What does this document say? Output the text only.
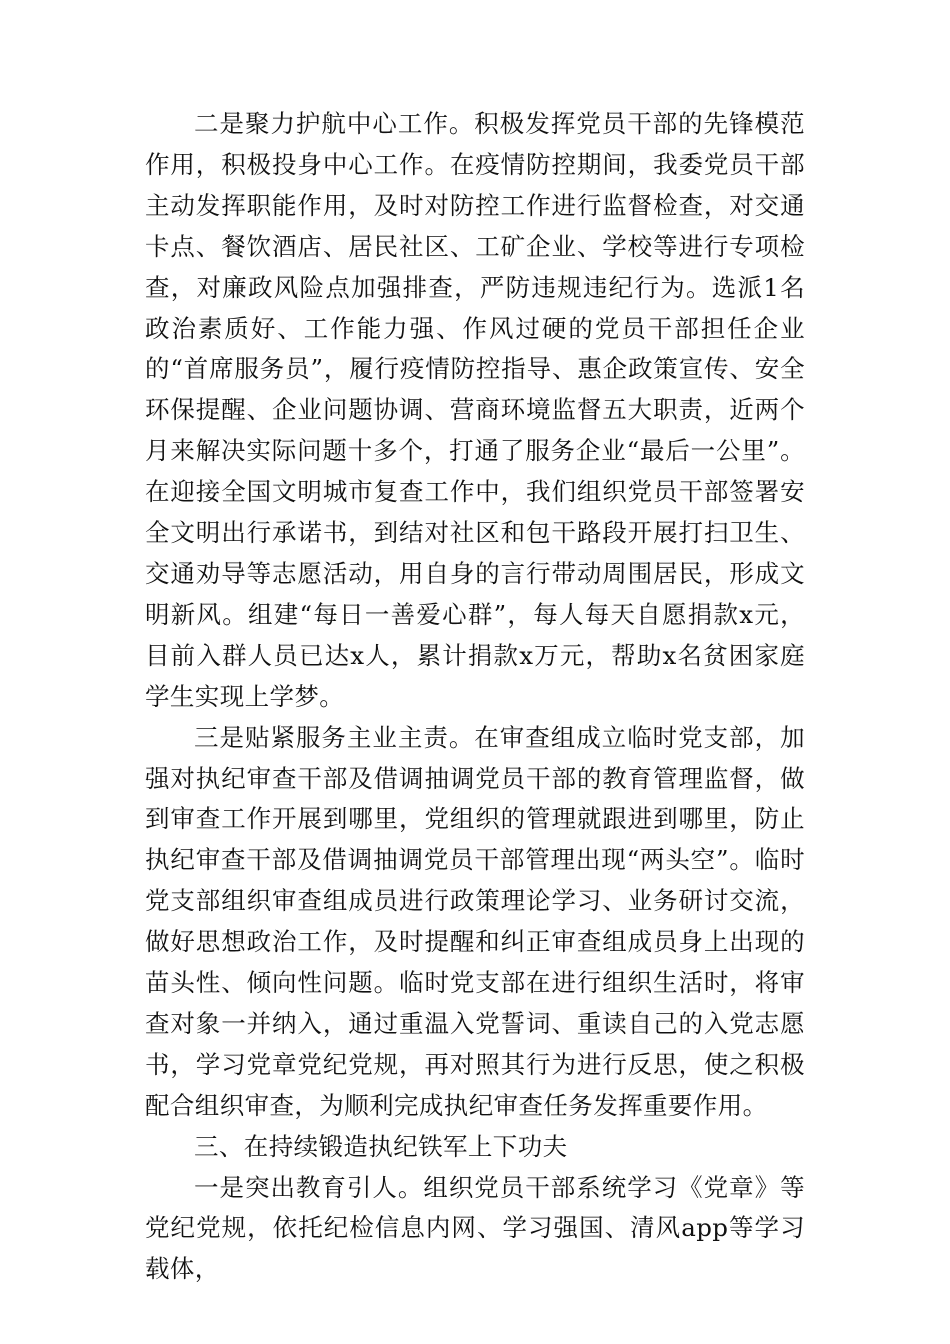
二是聚力护航中心工作。积极发挥党员干部的先锋模范作用，积极投身中心工作。在疫情防控期间，我委党员干部主动发挥职能作用，及时对防控工作进行监督检查，对交通卡点、餐饮酒店、居民社区、工矿企业、学校等进行专项检查，对廉政风险点加强排查，严防违规违纪行为。选派1名政治素质好、工作能力强、作风过硬的党员干部担任企业的“首席服务员”，履行疫情防控指导、惠企政策宣传、安全环保提醒、企业问题协调、营商环境监督五大职责，近两个月来解决实际问题十多个，打通了服务企业“最后一公里”。在迎接全国文明城市复查工作中，我们组织党员干部签署安全文明出行承诺书，到结对社区和包干路段开展打扫卫生、交通劝导等志愿活动，用自身的言行带动周围居民，形成文明新风。组建“每日一善爱心群”，每人每天自愿捐款x元，目前入群人员已达x人，累计捐款x万元，帮助x名贫困家庭学生实现上学梦。

三是贴紧服务主业主责。在审查组成立临时党支部，加强对执纪审查干部及借调抽调党员干部的教育管理监督，做到审查工作开展到哪里，党组织的管理就跟进到哪里，防止执纪审查干部及借调抽调党员干部管理出现“两头空”。临时党支部组织审查组成员进行政策理论学习、业务研讨交流，做好思想政治工作，及时提醒和纠正审查组成员身上出现的苗头性、倾向性问题。临时党支部在进行组织生活时，将审查对象一并纳入，通过重温入党誓词、重读自己的入党志愿书，学习党章党纪党规，再对照其行为进行反思，使之积极配合组织审查，为顺利完成执纪审查任务发挥重要作用。

三、在持续锻造执纪铁军上下功夫

一是突出教育引人。组织党员干部系统学习《党章》等党纪党规，依托纪检信息内网、学习强国、清风app等学习载体，
